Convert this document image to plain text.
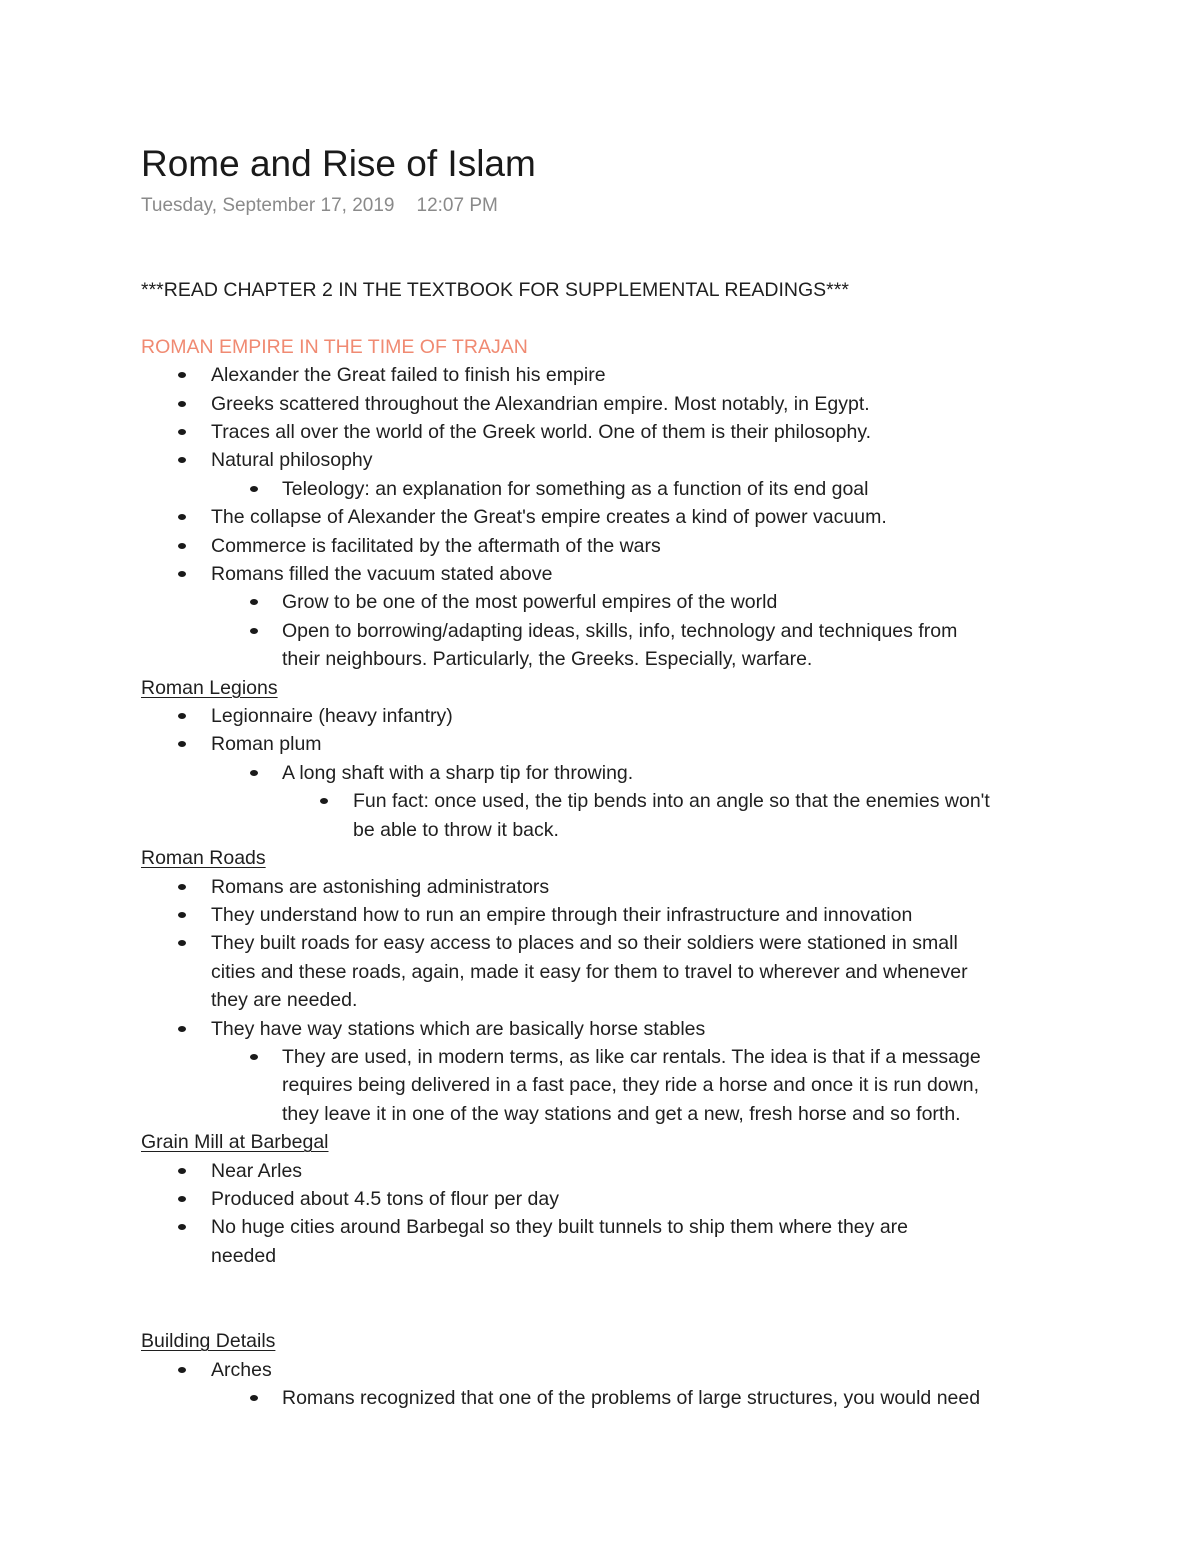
Rome and Rise of Islam
Tuesday, September 17, 2019 12:07 PM

***READ CHAPTER 2 IN THE TEXTBOOK FOR SUPPLEMENTAL READINGS***

ROMAN EMPIRE IN THE TIME OF TRAJAN

Alexander the Great failed to finish his empire
Greeks scattered throughout the Alexandrian empire. Most notably, in Egypt.
Traces all over the world of the Greek world. One of them is their philosophy.
Natural philosophy
Teleology: an explanation for something as a function of its end goal
The collapse of Alexander the Great's empire creates a kind of power vacuum.
Commerce is facilitated by the aftermath of the wars
Romans filled the vacuum stated above
Grow to be one of the most powerful empires of the world
Open to borrowing/adapting ideas, skills, info, technology and techniques from
their neighbours. Particularly, the Greeks. Especially, warfare.

Roman Legions

Legionnaire (heavy infantry)
Roman plum
A long shaft with a sharp tip for throwing.
Fun fact: once used, the tip bends into an angle so that the enemies won't
be able to throw it back.

Roman Roads

Romans are astonishing administrators
They understand how to run an empire through their infrastructure and innovation
They built roads for easy access to places and so their soldiers were stationed in small
cities and these roads, again, made it easy for them to travel to wherever and whenever
they are needed.
They have way stations which are basically horse stables
They are used, in modern terms, as like car rentals. The idea is that if a message
requires being delivered in a fast pace, they ride a horse and once it is run down,
they leave it in one of the way stations and get a new, fresh horse and so forth.

Grain Mill at Barbegal

Near Arles
Produced about 4.5 tons of flour per day
No huge cities around Barbegal so they built tunnels to ship them where they are
needed

Building Details

Arches
Romans recognized that one of the problems of large structures, you would need
